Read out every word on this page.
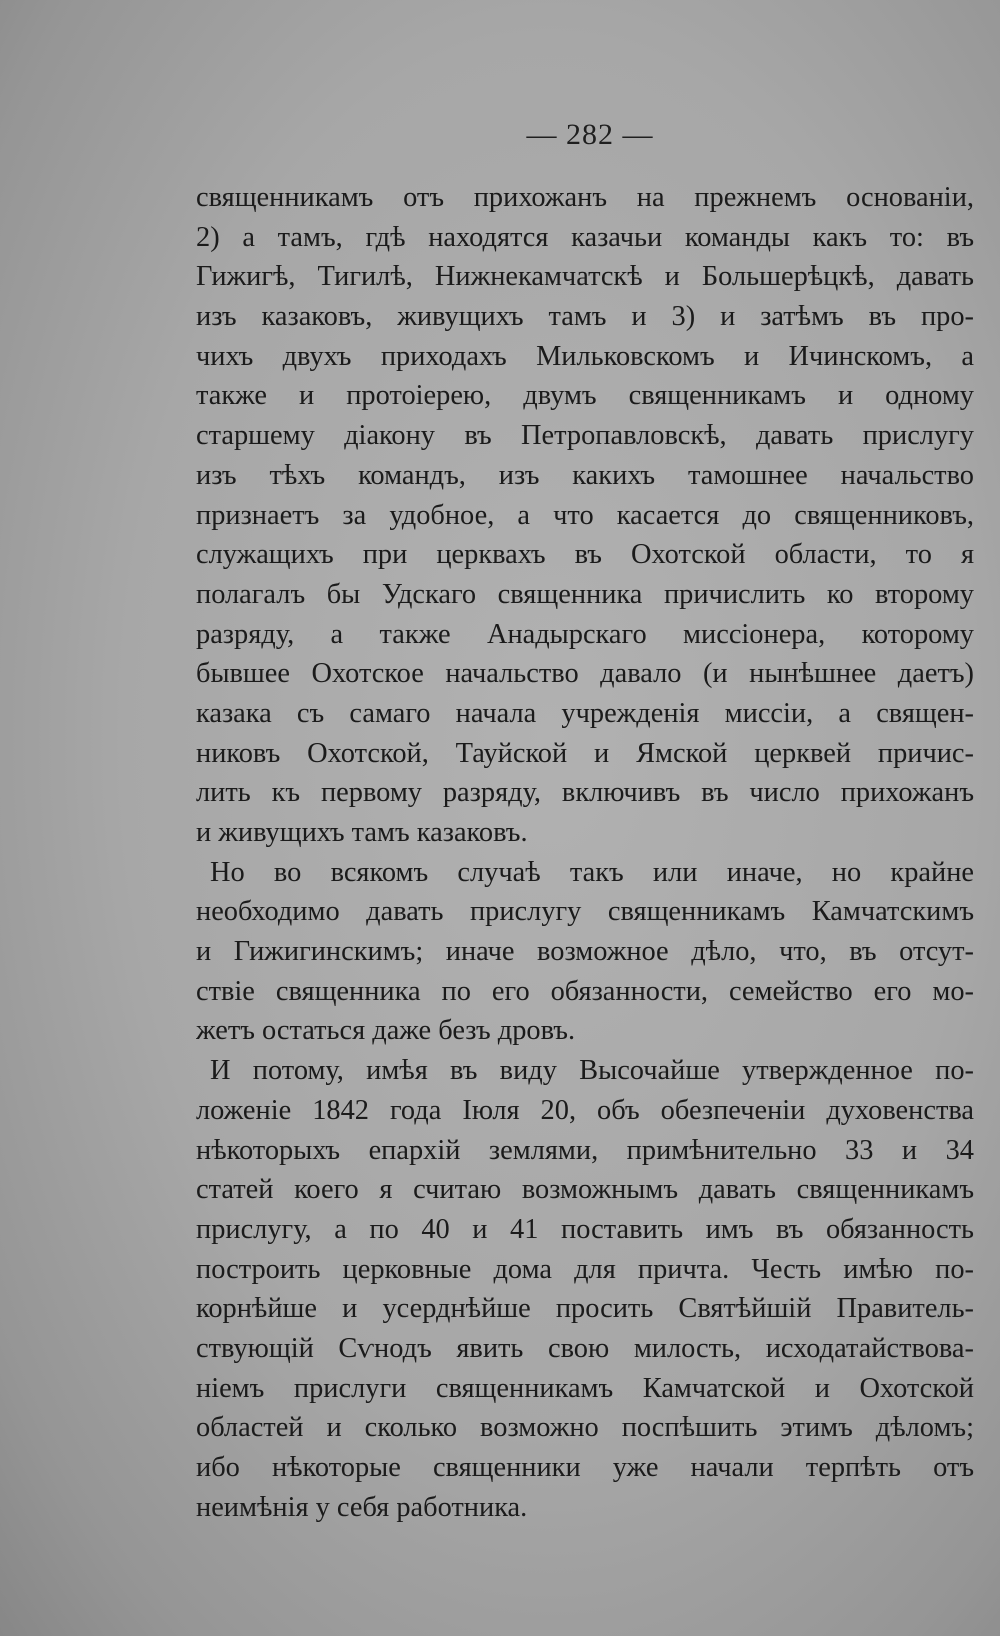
— 282 —
священникамъ отъ прихожанъ на прежнемъ основаніи,
2) а тамъ, гдѣ находятся казачьи команды какъ то: въ
Гижигѣ, Тигилѣ, Нижнекамчатскѣ и Большерѣцкѣ, давать
изъ казаковъ, живущихъ тамъ и 3) и затѣмъ въ про-
чихъ двухъ приходахъ Мильковскомъ и Ичинскомъ, а
также и протоіерею, двумъ священникамъ и одному
старшему діакону въ Петропавловскѣ, давать прислугу
изъ тѣхъ командъ, изъ какихъ тамошнее начальство
признаетъ за удобное, а что касается до священниковъ,
служащихъ при церквахъ въ Охотской области, то я
полагалъ бы Удскаго священника причислить ко второму
разряду, а также Анадырскаго миссіонера, которому
бывшее Охотское начальство давало (и нынѣшнее даетъ)
казака съ самаго начала учрежденія миссіи, а священ-
никовъ Охотской, Тауйской и Ямской церквей причис-
лить къ первому разряду, включивъ въ число прихожанъ
и живущихъ тамъ казаковъ.
Но во всякомъ случаѣ такъ или иначе, но крайне
необходимо давать прислугу священникамъ Камчатскимъ
и Гижигинскимъ; иначе возможное дѣло, что, въ отсут-
ствіе священника по его обязанности, семейство его мо-
жетъ остаться даже безъ дровъ.
И потому, имѣя въ виду Высочайше утвержденное по-
ложеніе 1842 года Іюля 20, объ обезпеченіи духовенства
нѣкоторыхъ епархій землями, примѣнительно 33 и 34
статей коего я считаю возможнымъ давать священникамъ
прислугу, а по 40 и 41 поставить имъ въ обязанность
построить церковные дома для причта. Честь имѣю по-
корнѣйше и усерднѣйше просить Святѣйшій Правитель-
ствующій Сѵнодъ явить свою милость, исходатайствова-
ніемъ прислуги священникамъ Камчатской и Охотской
областей и сколько возможно поспѣшить этимъ дѣломъ;
ибо нѣкоторые священники уже начали терпѣть отъ
неимѣнія у себя работника.
